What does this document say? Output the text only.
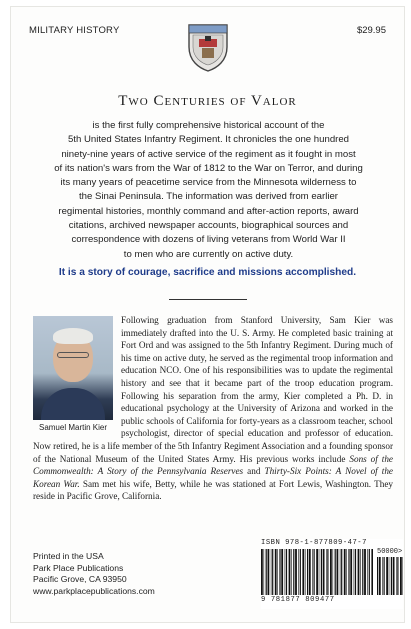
MILITARY HISTORY	$29.95
Two Centuries of Valor
is the first fully comprehensive historical account of the
5th United States Infantry Regiment. It chronicles the one hundred
ninety-nine years of active service of the regiment as it fought in most
of its nation's wars from the War of 1812 to the War on Terror, and during
its many years of peacetime service from the Minnesota wilderness to
the Sinai Peninsula. The information was derived from earlier
regimental histories, monthly command and after-action reports, award
citations, archived newspaper accounts, biographical sources and
correspondence with dozens of living veterans from World War II
to men who are currently on active duty.
It is a story of courage, sacrifice and missions accomplished.
Samuel Martin Kier
Following graduation from Stanford University, Sam Kier was immediately drafted into the U. S. Army. He completed basic training at Fort Ord and was assigned to the 5th Infantry Regiment. During much of his time on active duty, he served as the regimental troop information and education NCO. One of his responsibilities was to update the regimental history and see that it became part of the troop education program. Following his separation from the army, Kier completed a Ph. D. in educational psychology at the University of Arizona and worked in the public schools of California for forty-years as a classroom teacher, school psychologist, director of special education and professor of education. Now retired, he is a life member of the 5th Infantry Regiment Association and a founding sponsor of the National Museum of the United States Army. His previous works include Sons of the Commonwealth: A Story of the Pennsylvania Reserves and Thirty-Six Points: A Novel of the Korean War. Sam met his wife, Betty, while he was stationed at Fort Lewis, Washington. They reside in Pacific Grove, California.
Printed in the USA
Park Place Publications
Pacific Grove, CA 93950
www.parkplacepublications.com
ISBN 978-1-877809-47-7
50000>
9 781877 809477
